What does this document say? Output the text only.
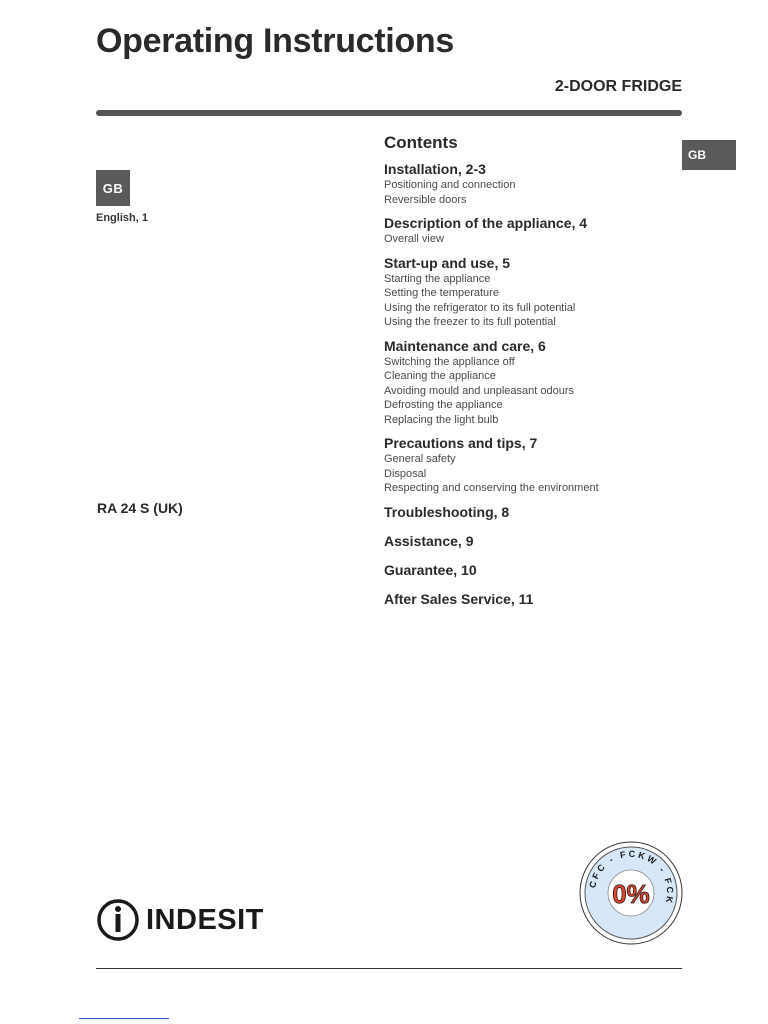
Operating Instructions
2-DOOR FRIDGE
GB
GB
English, 1
RA 24 S (UK)
Contents
Installation, 2-3
Positioning and connection
Reversible doors
Description of the appliance, 4
Overall view
Start-up and use, 5
Starting the appliance
Setting the temperature
Using the refrigerator to its full potential
Using the freezer to its full potential
Maintenance and care, 6
Switching the appliance off
Cleaning the appliance
Avoiding mould and unpleasant odours
Defrosting the appliance
Replacing the light bulb
Precautions and tips, 7
General safety
Disposal
Respecting and conserving the environment
Troubleshooting, 8
Assistance, 9
Guarantee, 10
After Sales Service, 11
INDESIT
CFC - FCKW - FCK
0%
